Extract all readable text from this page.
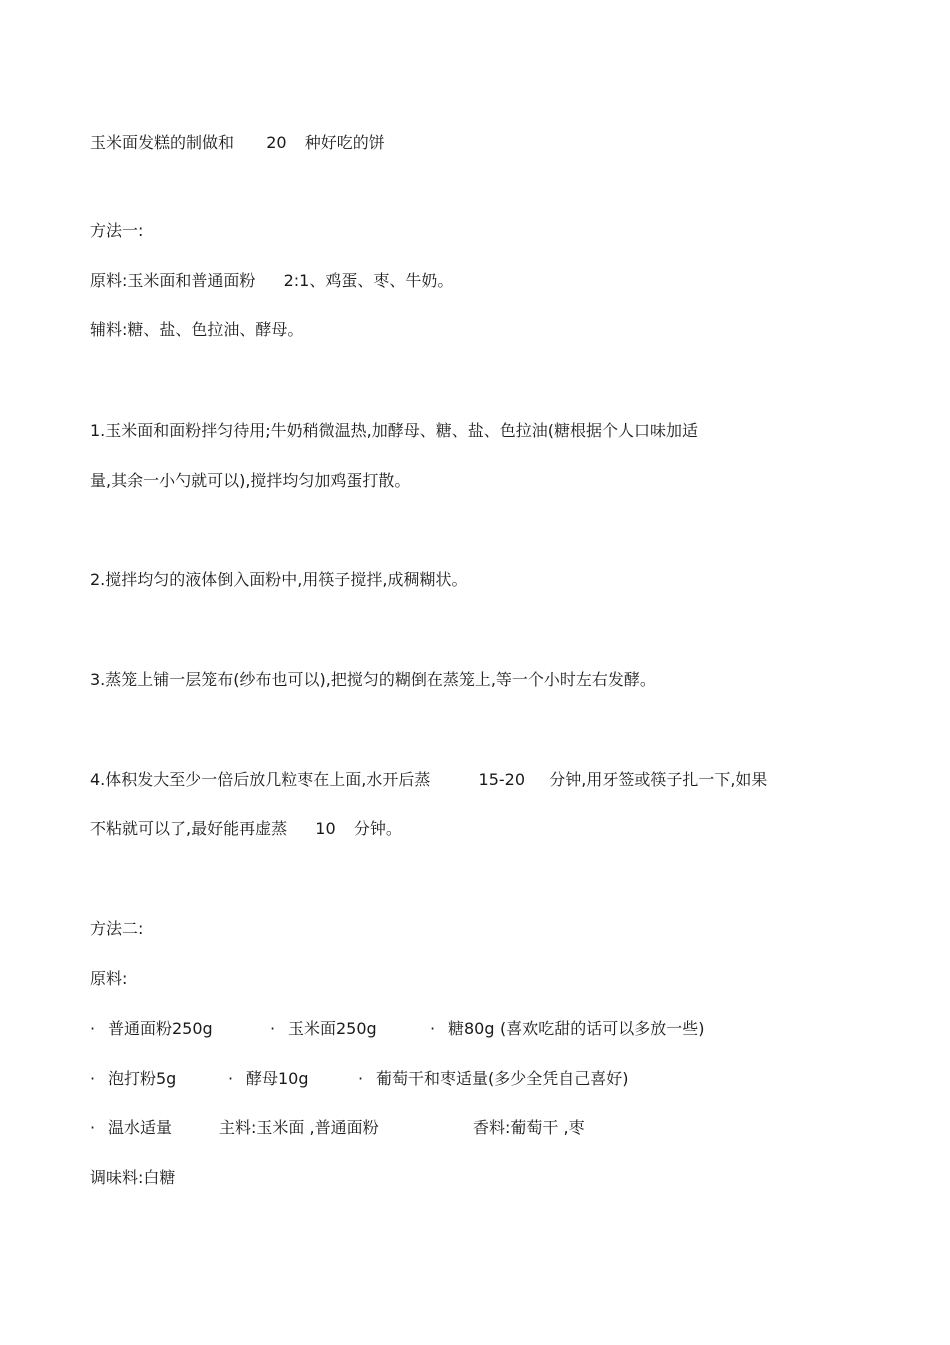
玉米面发糕的制做和 20 种好吃的饼
方法一:
原料:玉米面和普通面粉 2:1、鸡蛋、枣、牛奶。
辅料:糖、盐、色拉油、酵母。
1.玉米面和面粉拌匀待用;牛奶稍微温热,加酵母、糖、盐、色拉油(糖根据个人口味加适
量,其余一小勺就可以),搅拌均匀加鸡蛋打散。
2.搅拌均匀的液体倒入面粉中,用筷子搅拌,成稠糊状。
3.蒸笼上铺一层笼布(纱布也可以),把搅匀的糊倒在蒸笼上,等一个小时左右发酵。
4.体积发大至少一倍后放几粒枣在上面,水开后蒸	15-20 分钟,用牙签或筷子扎一下,如果
不粘就可以了,最好能再虚蒸 10 分钟。
方法二:
原料:
· 普通面粉250g	· 玉米面250g	· 糖80g (喜欢吃甜的话可以多放一些)
· 泡打粉5g	· 酵母10g	· 葡萄干和枣适量(多少全凭自己喜好)
· 温水适量	主料:玉米面 ,普通面粉	香料:葡萄干 ,枣
调味料:白糖
